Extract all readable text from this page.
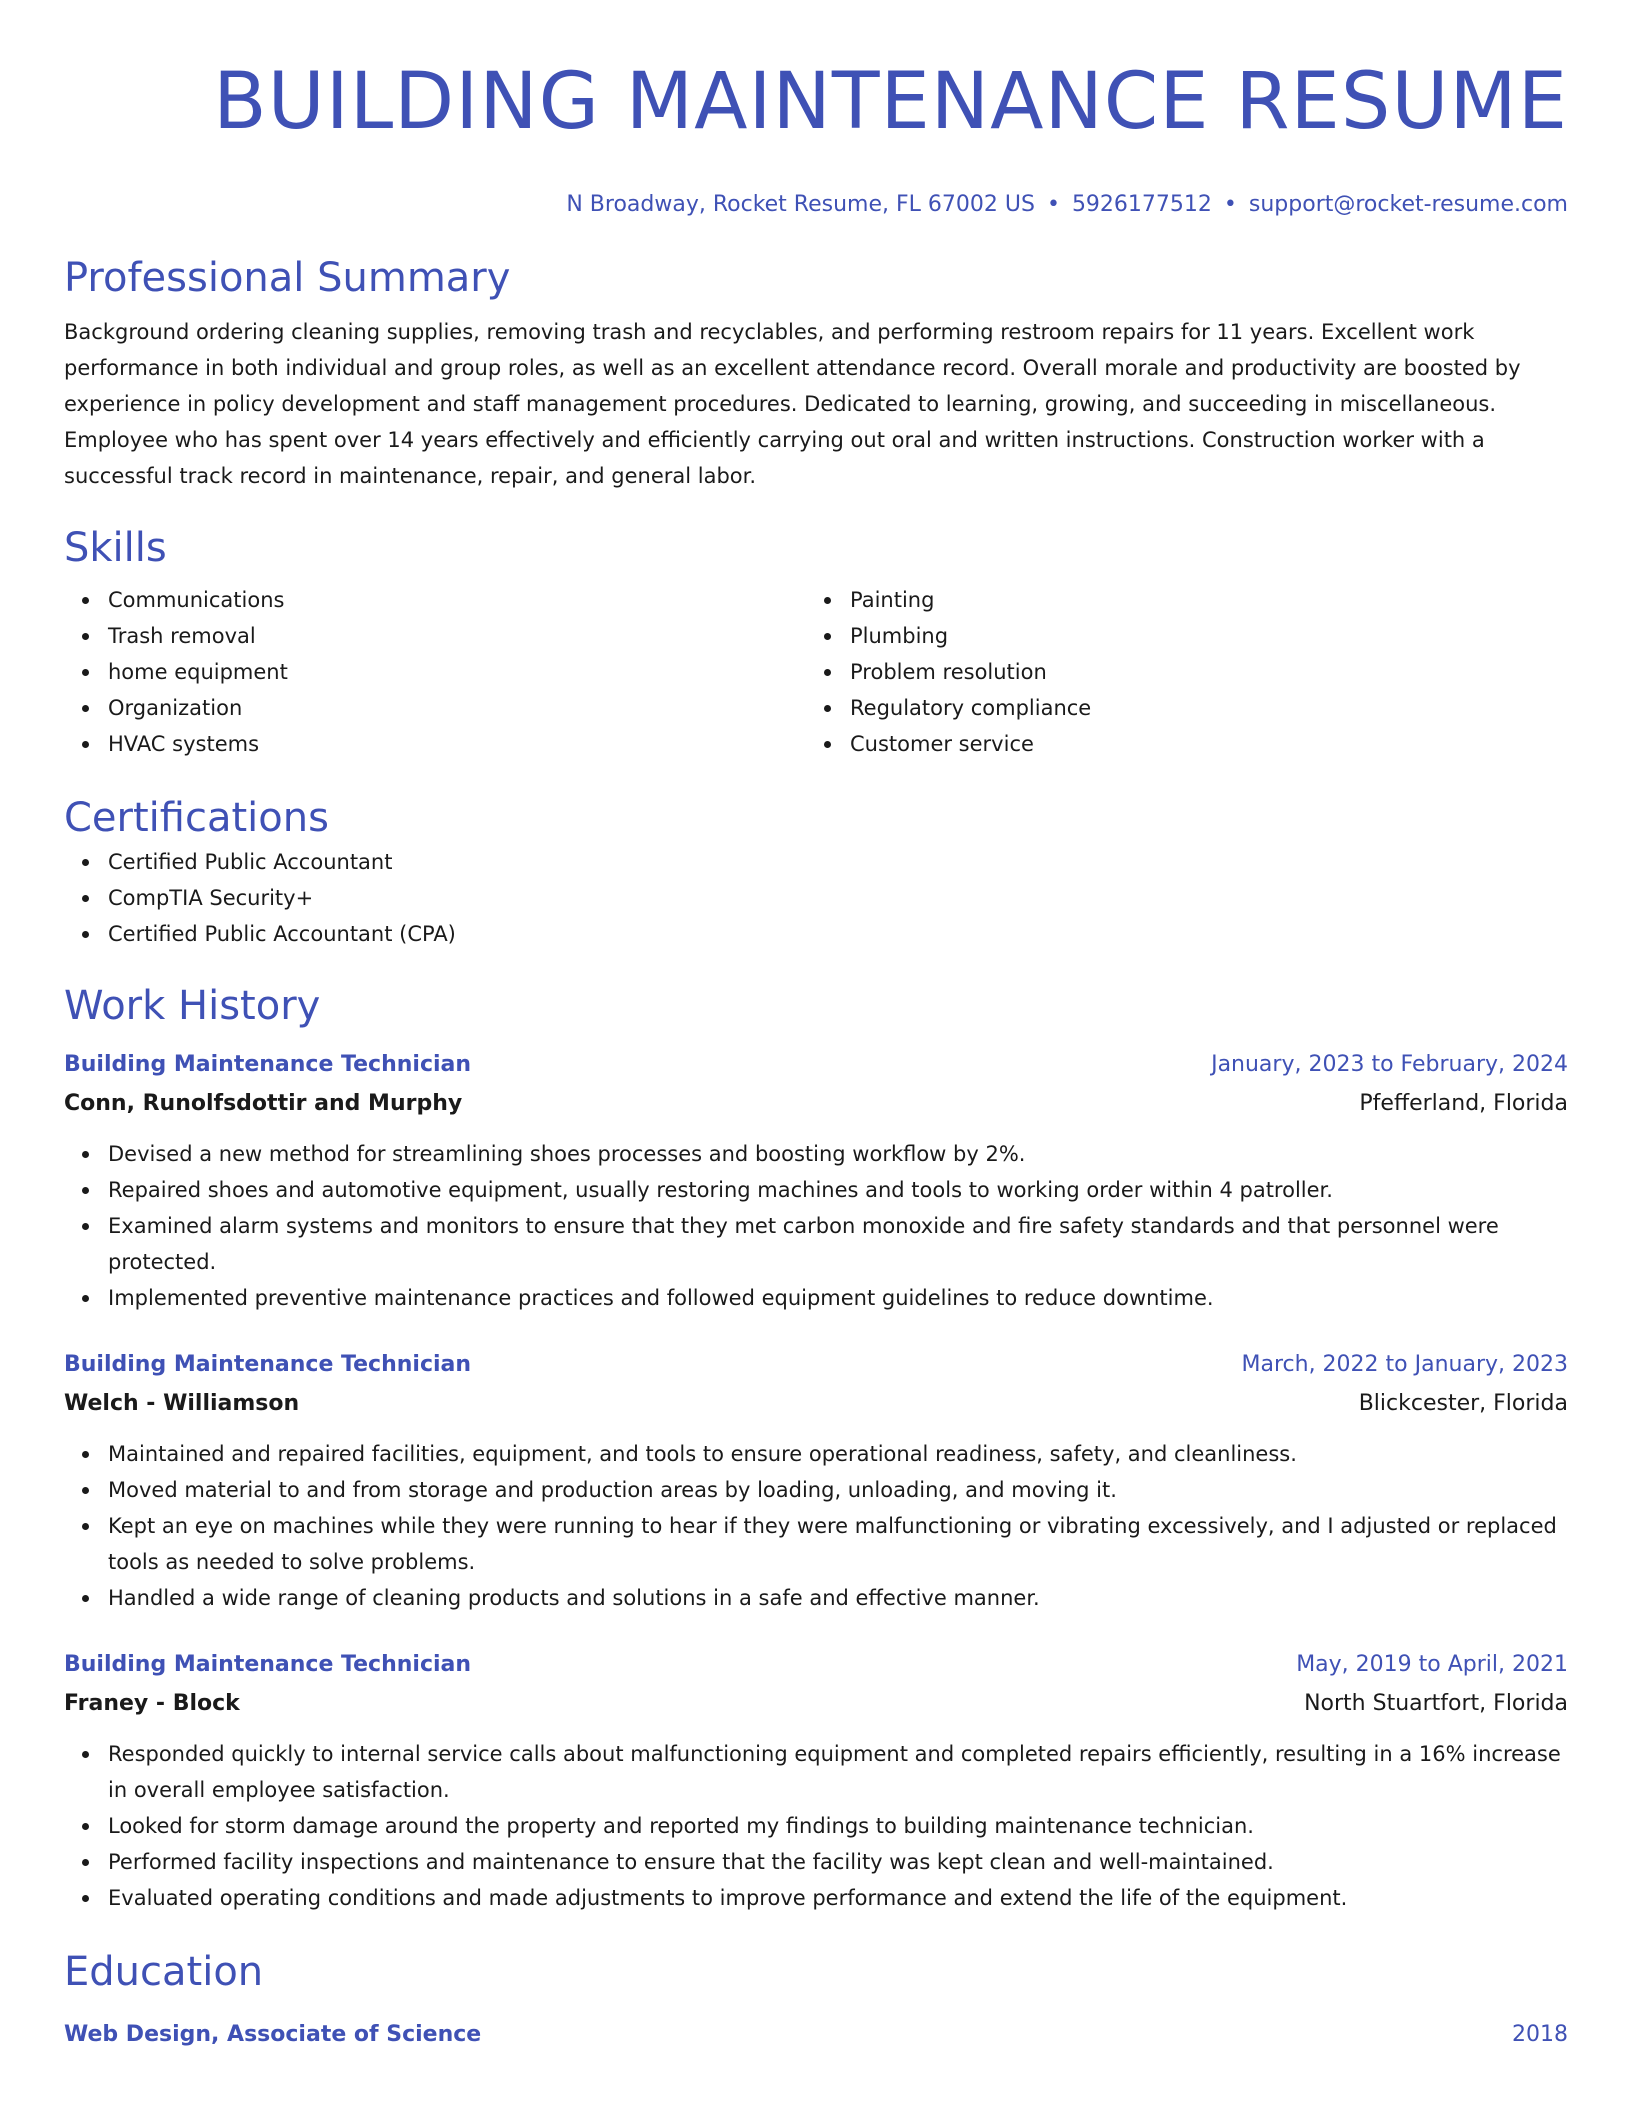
BUILDING MAINTENANCE RESUME
N Broadway, Rocket Resume, FL 67002 US • 5926177512 • support@rocket-resume.com
Professional Summary
Background ordering cleaning supplies, removing trash and recyclables, and performing restroom repairs for 11 years. Excellent work performance in both individual and group roles, as well as an excellent attendance record. Overall morale and productivity are boosted by experience in policy development and staff management procedures. Dedicated to learning, growing, and succeeding in miscellaneous. Employee who has spent over 14 years effectively and efficiently carrying out oral and written instructions. Construction worker with a successful track record in maintenance, repair, and general labor.
Skills
Communications
Trash removal
home equipment
Organization
HVAC systems
Painting
Plumbing
Problem resolution
Regulatory compliance
Customer service
Certifications
Certified Public Accountant
CompTIA Security+
Certified Public Accountant (CPA)
Work History
Building Maintenance Technician	January, 2023 to February, 2024
Conn, Runolfsdottir and Murphy	Pfefferland, Florida
Devised a new method for streamlining shoes processes and boosting workflow by 2%.
Repaired shoes and automotive equipment, usually restoring machines and tools to working order within 4 patroller.
Examined alarm systems and monitors to ensure that they met carbon monoxide and fire safety standards and that personnel were protected.
Implemented preventive maintenance practices and followed equipment guidelines to reduce downtime.
Building Maintenance Technician	March, 2022 to January, 2023
Welch - Williamson	Blickcester, Florida
Maintained and repaired facilities, equipment, and tools to ensure operational readiness, safety, and cleanliness.
Moved material to and from storage and production areas by loading, unloading, and moving it.
Kept an eye on machines while they were running to hear if they were malfunctioning or vibrating excessively, and I adjusted or replaced tools as needed to solve problems.
Handled a wide range of cleaning products and solutions in a safe and effective manner.
Building Maintenance Technician	May, 2019 to April, 2021
Franey - Block	North Stuartfort, Florida
Responded quickly to internal service calls about malfunctioning equipment and completed repairs efficiently, resulting in a 16% increase in overall employee satisfaction.
Looked for storm damage around the property and reported my findings to building maintenance technician.
Performed facility inspections and maintenance to ensure that the facility was kept clean and well-maintained.
Evaluated operating conditions and made adjustments to improve performance and extend the life of the equipment.
Education
Web Design, Associate of Science	2018
